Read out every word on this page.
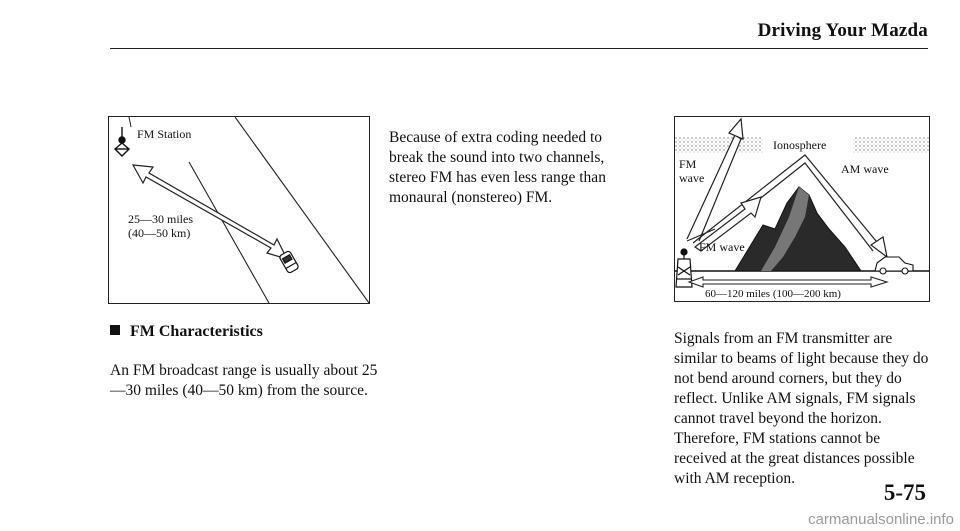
Driving Your Mazda
FM Station
25—30 miles
(40—50 km)
Because of extra coding needed to break the sound into two channels, stereo FM has even less range than monaural (nonstereo) FM.
Ionosphere
FM
wave
AM wave
FM wave
60—120 miles (100—200 km)
FM Characteristics
An FM broadcast range is usually about 25—30 miles (40—50 km) from the source.
Signals from an FM transmitter are similar to beams of light because they do not bend around corners, but they do reflect. Unlike AM signals, FM signals cannot travel beyond the horizon. Therefore, FM stations cannot be received at the great distances possible with AM reception.
5-75
carmanualsonline.info
